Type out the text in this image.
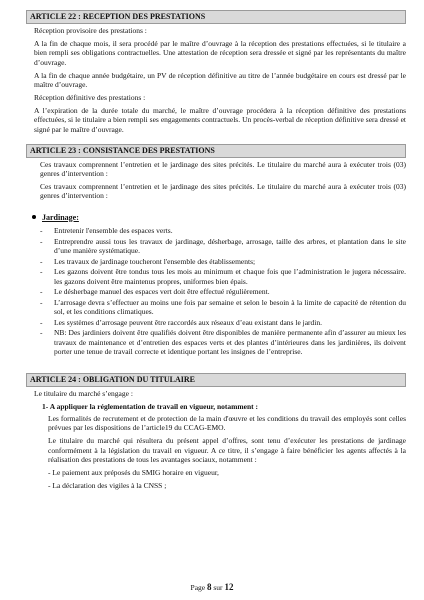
ARTICLE 22 : RECEPTION DES PRESTATIONS

Réception provisoire des prestations :

A la fin de chaque mois, il sera procédé par le maître d’ouvrage à la réception des prestations effectuées, si le titulaire a bien rempli ses obligations contractuelles. Une attestation de réception sera dressée et signé par les représentants du maître d’ouvrage.

A la fin de chaque année budgétaire, un PV de réception définitive au titre de l’année budgétaire en cours est dressé par le maître d’ouvrage.

Réception définitive des prestations :

A l’expiration de la durée totale du marché, le maître d’ouvrage procédera à la réception définitive des prestations effectuées, si le titulaire a bien rempli ses engagements contractuels. Un procès-verbal de réception définitive sera dressé et signé par le maître d’ouvrage.

ARTICLE 23 : CONSISTANCE DES PRESTATIONS

Ces travaux comprennent l’entretien et le jardinage des sites précités. Le titulaire du marché aura à exécuter trois (03) genres d’intervention :

Ces travaux comprennent l’entretien et le jardinage des sites précités. Le titulaire du marché aura à exécuter trois (03) genres d’intervention :

Jardinage:
- Entretenir l'ensemble des espaces verts.
- Entreprendre aussi tous les travaux de jardinage, désherbage, arrosage, taille des arbres, et plantation dans le site d’une manière systématique.
- Les travaux de jardinage toucheront l'ensemble des établissements;
- Les gazons doivent être tondus tous les mois au minimum et chaque fois que l’administration le jugera nécessaire. les gazons doivent être maintenus propres, uniformes bien épais.
- Le désherbage manuel des espaces vert doit être effectué régulièrement.
- L’arrosage devra s’effectuer au moins une fois par semaine et selon le besoin à la limite de capacité de rétention du sol, et les conditions climatiques.
- Les systèmes d’arrosage peuvent être raccordés aux réseaux d’eau existant dans le jardin.
- NB: Des jardiniers doivent être qualifiés doivent être disponibles de manière permanente afin d’assurer au mieux les travaux de maintenance et d’entretien des espaces verts et des plantes d’intérieures dans les jardinières, ils doivent porter une tenue de travail correcte et identique portant les insignes de l’entreprise.
ARTICLE 24 : OBLIGATION DU TITULAIRE

Le titulaire du marché s’engage :

1- A appliquer la réglementation de travail en vigueur, notamment :

Les formalités de recrutement et de protection de la main d'œuvre et les conditions du travail des employés sont celles prévues par les dispositions de l’article19 du CCAG-EMO.

Le titulaire du marché qui résultera du présent appel d’offres, sont tenu d’exécuter les prestations de jardinage conformément à la législation du travail en vigueur. A ce titre, il s’engage à faire bénéficier les agents affectés à la réalisation des prestations de tous les avantages sociaux, notamment :

- Le paiement aux préposés du SMIG horaire en vigueur,

- La déclaration des vigiles à la CNSS ;

Page 8 sur 12
